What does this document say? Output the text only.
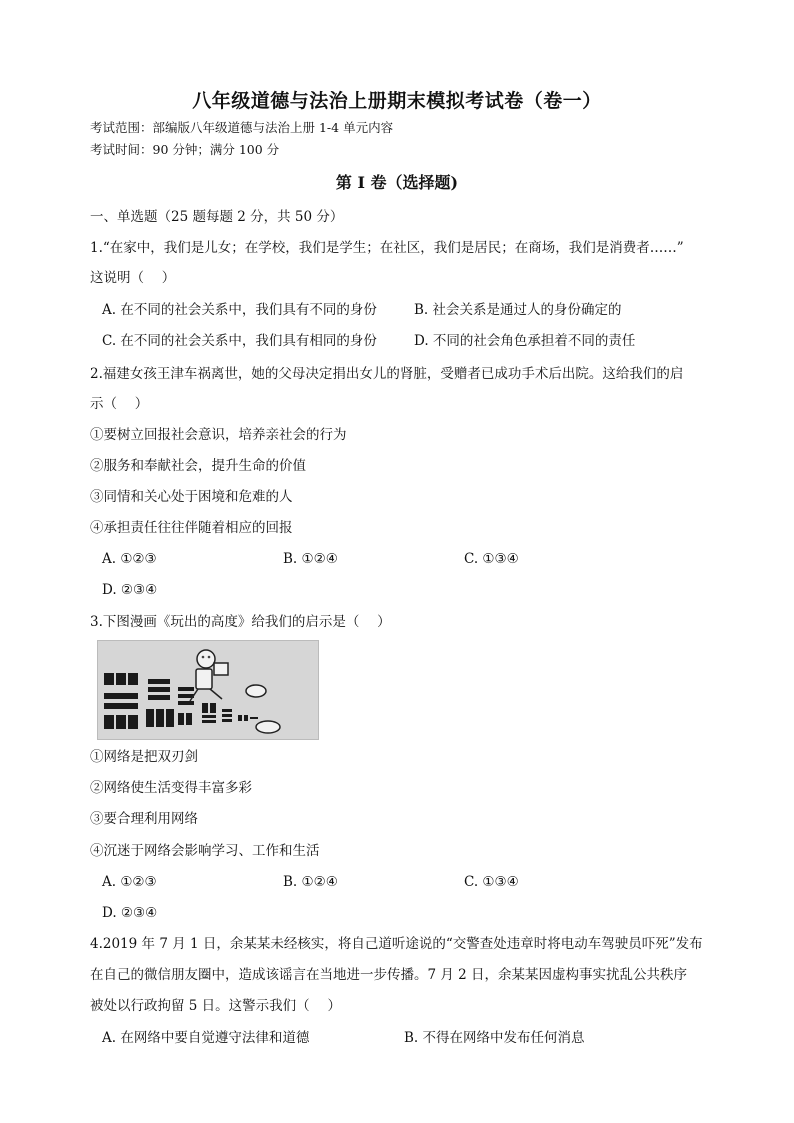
八年级道德与法治上册期末模拟考试卷（卷一）
考试范围：部编版八年级道德与法治上册 1-4 单元内容
考试时间：90 分钟；满分 100 分
第 I 卷（选择题)
一、单选题（25 题每题 2 分，共 50 分）
1.“在家中，我们是儿女；在学校，我们是学生；在社区，我们是居民；在商场，我们是消费者……”
这说明（　 ）
A. 在不同的社会关系中，我们具有不同的身份	B. 社会关系是通过人的身份确定的
C. 在不同的社会关系中，我们具有相同的身份	D. 不同的社会角色承担着不同的责任
2.福建女孩王津车祸离世，她的父母决定捐出女儿的肾脏，受赠者已成功手术后出院。这给我们的启
示（　 ）
①要树立回报社会意识，培养亲社会的行为
②服务和奉献社会，提升生命的价值
③同情和关心处于困境和危难的人
④承担责任往往伴随着相应的回报
A. ①②③	B. ①②④	C. ①③④
D. ②③④
3.下图漫画《玩出的高度》给我们的启示是（　 ）
①网络是把双刃剑
②网络使生活变得丰富多彩
③要合理利用网络
④沉迷于网络会影响学习、工作和生活
A. ①②③	B. ①②④	C. ①③④
D. ②③④
4.2019 年 7 月 1 日，余某某未经核实，将自己道听途说的“交警查处违章时将电动车驾驶员吓死”发布
在自己的微信朋友圈中，造成该谣言在当地进一步传播。7 月 2 日，余某某因虚构事实扰乱公共秩序
被处以行政拘留 5 日。这警示我们（　 ）
A. 在网络中要自觉遵守法律和道德	B. 不得在网络中发布任何消息
